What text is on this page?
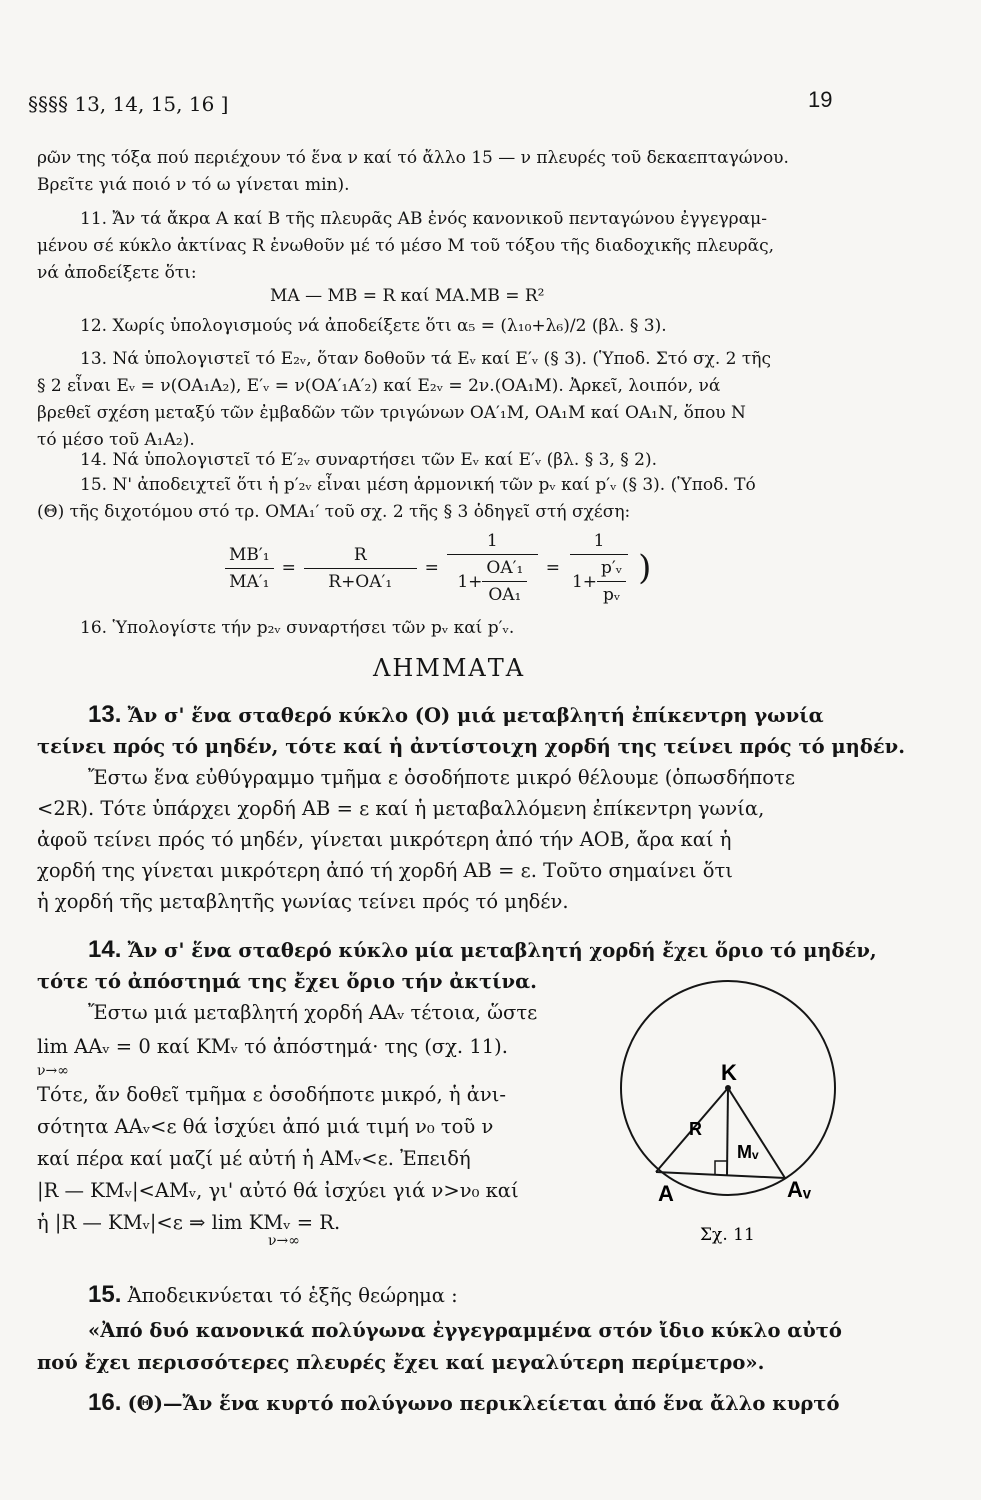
§§§§ 13, 14, 15, 16 ]	19
ρῶν της τόξα πού περιέχουν τό ἕνα ν καί τό ἄλλο 15 — ν πλευρές τοῦ δεκαεπταγώνου.
Βρεῖτε γιά ποιό ν τό ω γίνεται min).
11. Ἄν τά ἄκρα Α καί Β τῆς πλευρᾶς ΑΒ ἑνός κανονικοῦ πενταγώνου ἐγγεγραμ-
μένου σέ κύκλο ἀκτίνας R ἑνωθοῦν μέ τό μέσο Μ τοῦ τόξου τῆς διαδοχικῆς πλευρᾶς,
νά ἀποδείξετε ὅτι:
ΜΑ — ΜΒ = R καί ΜΑ.ΜΒ = R²
12. Χωρίς ὑπολογισμούς νά ἀποδείξετε ὅτι α₅ = (λ₁₀+λ₆)/2 (βλ. § 3).
13. Νά ὑπολογιστεῖ τό E₂ᵥ, ὅταν δοθοῦν τά Eᵥ καί E′ᵥ (§ 3). (Ὑποδ. Στό σχ. 2 τῆς
§ 2 εἶναι Eᵥ = ν(ΟΑ₁Α₂), E′ᵥ = ν(ΟΑ′₁Α′₂) καί E₂ᵥ = 2ν.(ΟΑ₁Μ). Ἀρκεῖ, λοιπόν, νά
βρεθεῖ σχέση μεταξύ τῶν ἐμβαδῶν τῶν τριγώνων ΟΑ′₁Μ, ΟΑ₁Μ καί ΟΑ₁Ν, ὅπου Ν
τό μέσο τοῦ Α₁Α₂).
14. Νά ὑπολογιστεῖ τό E′₂ᵥ συναρτήσει τῶν Eᵥ καί E′ᵥ (βλ. § 3, § 2).
15. Ν' ἀποδειχτεῖ ὅτι ἡ p′₂ᵥ εἶναι μέση ἁρμονική τῶν pᵥ καί p′ᵥ (§ 3). (Ὑποδ. Τό
(Θ) τῆς διχοτόμου στό τρ. ΟΜΑ₁′ τοῦ σχ. 2 τῆς § 3 ὁδηγεῖ στή σχέση:
$\frac{\text{ΜΒ′₁}}{\text{ΜΑ′₁}} = \frac{R}{\text{R+ΟΑ′₁}} = \frac{1}{1+ \frac{\text{ΟΑ′₁}}{\text{ΟΑ₁}}} = \frac{1}{1+ \frac{\text{p′ᵥ}}{\text{pᵥ}}}$ )
16. Ὑπολογίστε τήν p₂ᵥ συναρτήσει τῶν pᵥ καί p′ᵥ.
ΛΗΜΜΑΤΑ
13. Ἄν σ' ἕνα σταθερό κύκλο (Ο) μιά μεταβλητή ἐπίκεντρη γωνία
τείνει πρός τό μηδέν, τότε καί ἡ ἀντίστοιχη χορδή της τείνει πρός τό μηδέν.
Ἔστω ἕνα εὐθύγραμμο τμῆμα ε ὁσοδήποτε μικρό θέλουμε (ὁπωσδήποτε
<2R). Τότε ὑπάρχει χορδή ΑΒ = ε καί ἡ μεταβαλλόμενη ἐπίκεντρη γωνία,
ἀφοῦ τείνει πρός τό μηδέν, γίνεται μικρότερη ἀπό τήν ΑΟΒ, ἄρα καί ἡ
χορδή της γίνεται μικρότερη ἀπό τή χορδή ΑΒ = ε. Τοῦτο σημαίνει ὅτι
ἡ χορδή τῆς μεταβλητῆς γωνίας τείνει πρός τό μηδέν.
14. Ἄν σ' ἕνα σταθερό κύκλο μία μεταβλητή χορδή ἔχει ὅριο τό μηδέν,
τότε τό ἀπόστημά της ἔχει ὅριο τήν ἀκτίνα.
Ἔστω μιά μεταβλητή χορδή ΑΑᵥ τέτοια, ὥστε
lim ΑΑᵥ = 0 καί ΚΜᵥ τό ἀπόστημά· της (σχ. 11).
ν→∞
Τότε, ἄν δοθεῖ τμῆμα ε ὁσοδήποτε μικρό, ἡ ἀνι-
σότητα ΑΑᵥ<ε θά ἰσχύει ἀπό μιά τιμή ν₀ τοῦ ν
καί πέρα καί μαζί μέ αὐτή ἡ ΑΜᵥ<ε. Ἐπειδή
|R — ΚΜᵥ|<ΑΜᵥ, γι' αὐτό θά ἰσχύει γιά ν>ν₀ καί
ἡ |R — ΚΜᵥ|<ε ⇒ lim ΚΜᵥ = R.
ν→∞
K
R
Mᵥ
A	Aᵥ
Σχ. 11
15. Ἀποδεικνύεται τό ἑξῆς θεώρημα :
«Ἀπό δυό κανονικά πολύγωνα ἐγγεγραμμένα στόν ἴδιο κύκλο αὐτό
πού ἔχει περισσότερες πλευρές ἔχει καί μεγαλύτερη περίμετρο».
16. (Θ)—Ἄν ἕνα κυρτό πολύγωνο περικλείεται ἀπό ἕνα ἄλλο κυρτό
